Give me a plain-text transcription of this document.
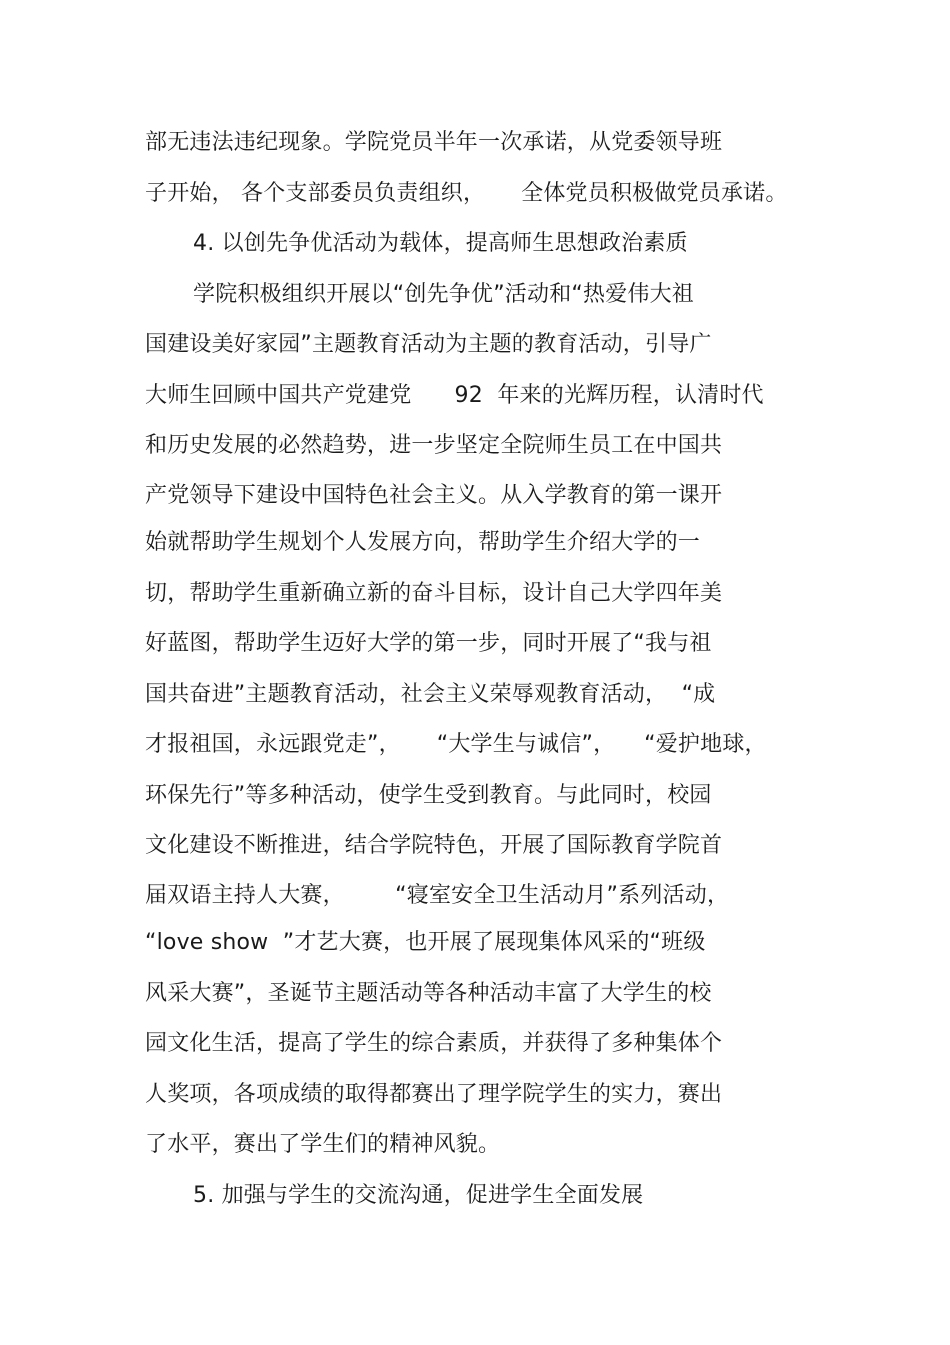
部无违法违纪现象。学院党员半年一次承诺，从党委领导班
子开始， 各个支部委员负责组织，     全体党员积极做党员承诺。
4. 以创先争优活动为载体，提高师生思想政治素质
学院积极组织开展以“创先争优”活动和“热爱伟大祖
国建设美好家园”主题教育活动为主题的教育活动，引导广
大师生回顾中国共产党建党      92  年来的光辉历程，认清时代
和历史发展的必然趋势，进一步坚定全院师生员工在中国共
产党领导下建设中国特色社会主义。从入学教育的第一课开
始就帮助学生规划个人发展方向，帮助学生介绍大学的一
切，帮助学生重新确立新的奋斗目标，设计自己大学四年美
好蓝图，帮助学生迈好大学的第一步，同时开展了“我与祖
国共奋进”主题教育活动，社会主义荣辱观教育活动，  “成
才报祖国，永远跟党走”，     “大学生与诚信”，    “爱护地球，
环保先行”等多种活动，使学生受到教育。与此同时，校园
文化建设不断推进，结合学院特色，开展了国际教育学院首
届双语主持人大赛，       “寝室安全卫生活动月”系列活动，
“love show  ”才艺大赛，也开展了展现集体风采的“班级
风采大赛”，圣诞节主题活动等各种活动丰富了大学生的校
园文化生活，提高了学生的综合素质，并获得了多种集体个
人奖项，各项成绩的取得都赛出了理学院学生的实力，赛出
了水平，赛出了学生们的精神风貌。
5. 加强与学生的交流沟通，促进学生全面发展
